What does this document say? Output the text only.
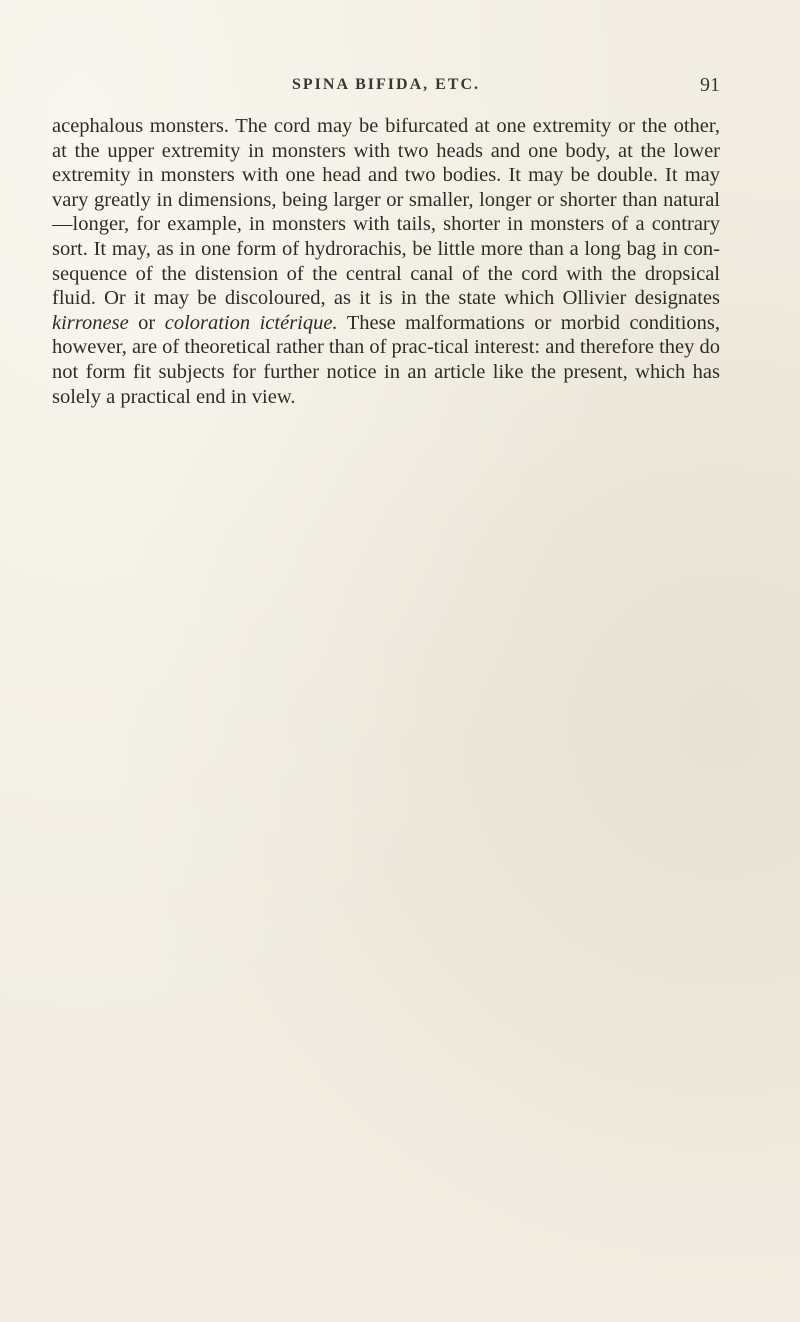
SPINA BIFIDA, ETC.	91

acephalous monsters. The cord may be bifurcated at one extremity or the other, at the upper extremity in monsters with two heads and one body, at the lower extremity in monsters with one head and two bodies. It may be double. It may vary greatly in dimensions, being larger or smaller, longer or shorter than natural—longer, for example, in monsters with tails, shorter in monsters of a contrary sort. It may, as in one form of hydrorachis, be little more than a long bag in con-sequence of the distension of the central canal of the cord with the dropsical fluid. Or it may be discoloured, as it is in the state which Ollivier designates kirronese or coloration ictérique. These malformations or morbid conditions, however, are of theoretical rather than of prac-tical interest: and therefore they do not form fit subjects for further notice in an article like the present, which has solely a practical end in view.
